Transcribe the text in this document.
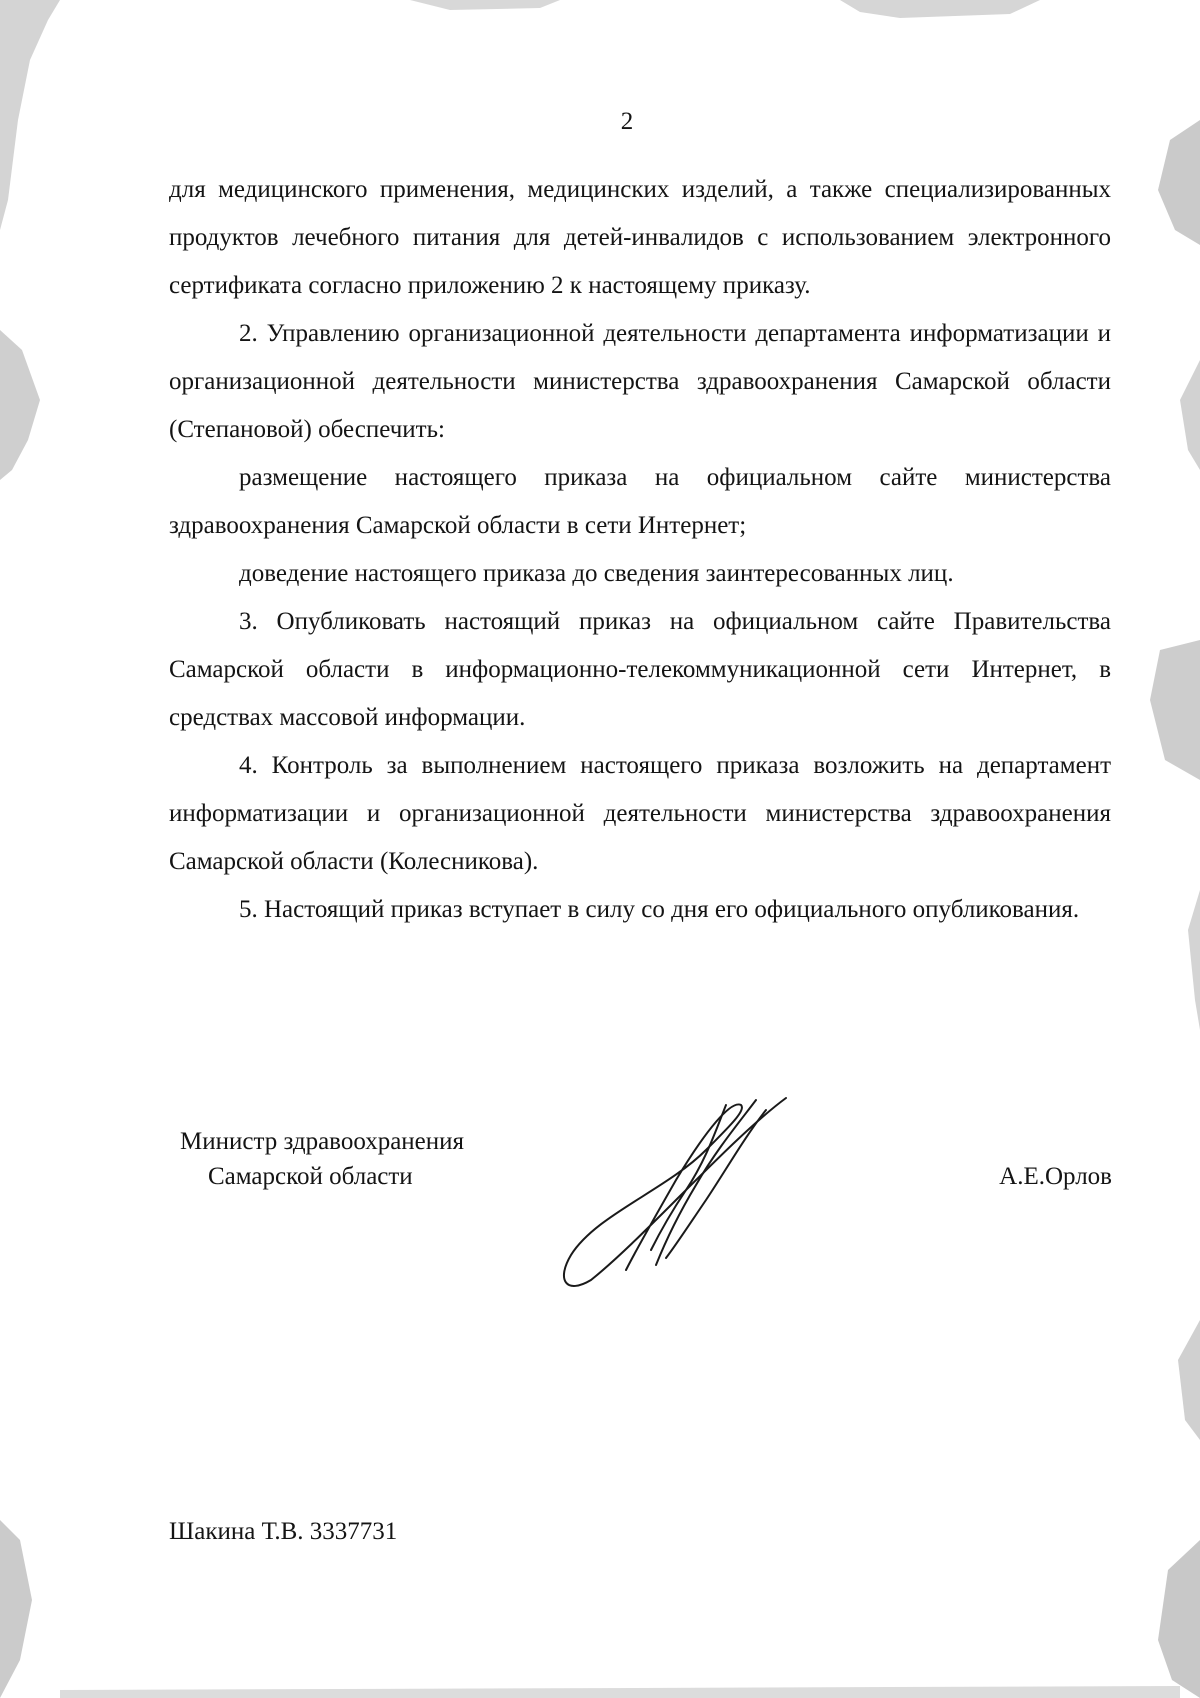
2

для медицинского применения, медицинских изделий, а также специализированных продуктов лечебного питания для детей-инвалидов с использованием электронного сертификата согласно приложению 2 к настоящему приказу.

2. Управлению организационной деятельности департамента информатизации и организационной деятельности министерства здравоохранения Самарской области (Степановой) обеспечить:

размещение настоящего приказа на официальном сайте министерства здравоохранения Самарской области в сети Интернет;

доведение настоящего приказа до сведения заинтересованных лиц.

3. Опубликовать настоящий приказ на официальном сайте Правительства Самарской области в информационно-телекоммуникационной сети Интернет, в средствах массовой информации.

4. Контроль за выполнением настоящего приказа возложить на департамент информатизации и организационной деятельности министерства здравоохранения Самарской области (Колесникова).

5. Настоящий приказ вступает в силу со дня его официального опубликования.

Министр здравоохранения
Самарской области	А.Е.Орлов
Шакина Т.В. 3337731
